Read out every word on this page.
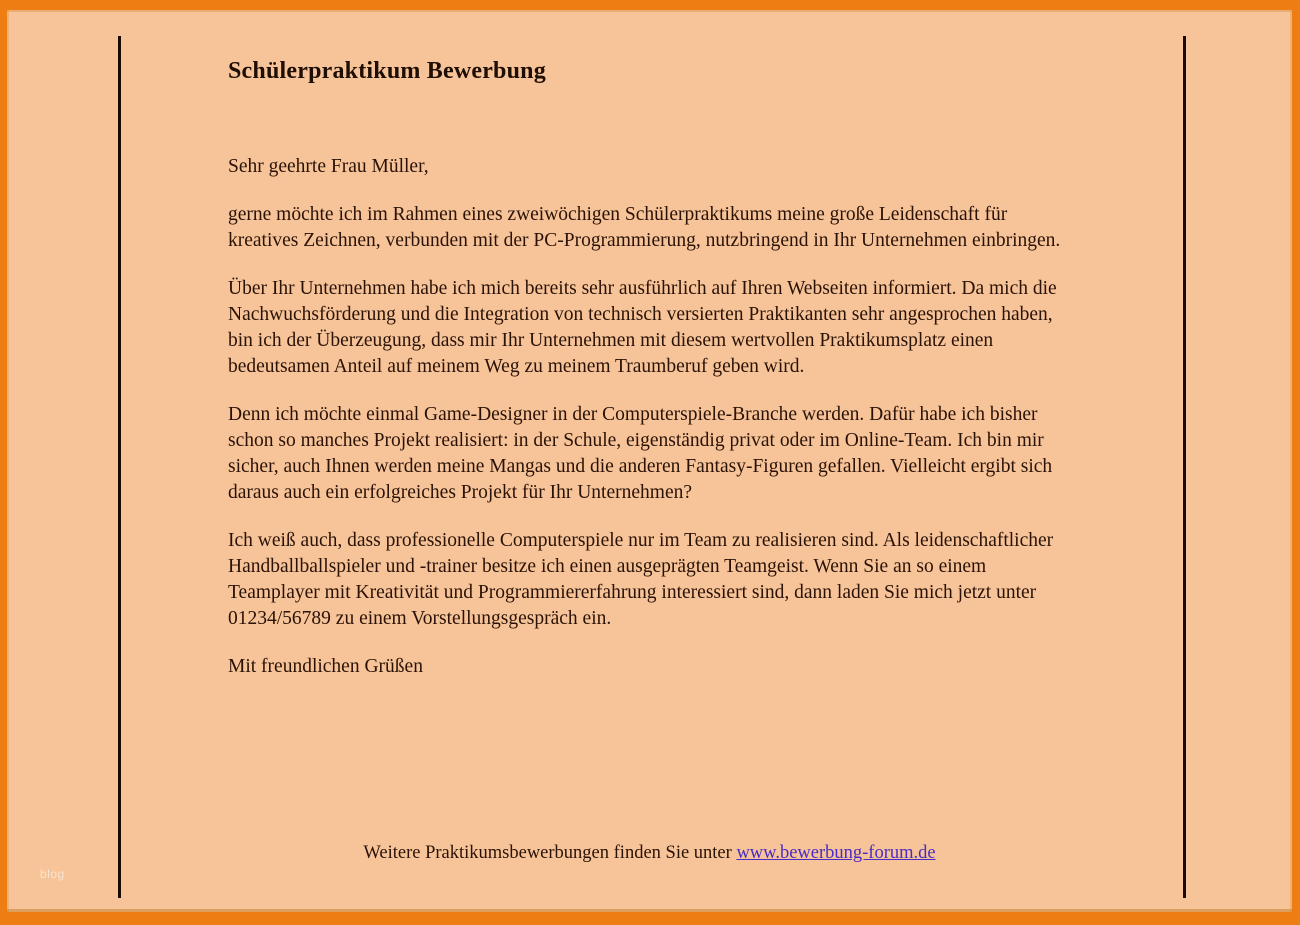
Schülerpraktikum Bewerbung

Sehr geehrte Frau Müller,

gerne möchte ich im Rahmen eines zweiwöchigen Schülerpraktikums meine große Leidenschaft für kreatives Zeichnen, verbunden mit der PC-Programmierung, nutzbringend in Ihr Unternehmen einbringen.

Über Ihr Unternehmen habe ich mich bereits sehr ausführlich auf Ihren Webseiten informiert. Da mich die Nachwuchsförderung und die Integration von technisch versierten Praktikanten sehr angesprochen haben, bin ich der Überzeugung, dass mir Ihr Unternehmen mit diesem wertvollen Praktikumsplatz einen bedeutsamen Anteil auf meinem Weg zu meinem Traumberuf geben wird.

Denn ich möchte einmal Game-Designer in der Computerspiele-Branche werden. Dafür habe ich bisher schon so manches Projekt realisiert: in der Schule, eigenständig privat oder im Online-Team. Ich bin mir sicher, auch Ihnen werden meine Mangas und die anderen Fantasy-Figuren gefallen. Vielleicht ergibt sich daraus auch ein erfolgreiches Projekt für Ihr Unternehmen?

Ich weiß auch, dass professionelle Computerspiele nur im Team zu realisieren sind. Als leidenschaftlicher Handballballspieler und -trainer besitze ich einen ausgeprägten Teamgeist. Wenn Sie an so einem Teamplayer mit Kreativität und Programmiererfahrung interessiert sind, dann laden Sie mich jetzt unter 01234/56789 zu einem Vorstellungsgespräch ein.

Mit freundlichen Grüßen

Weitere Praktikumsbewerbungen finden Sie unter www.bewerbung-forum.de
blog
